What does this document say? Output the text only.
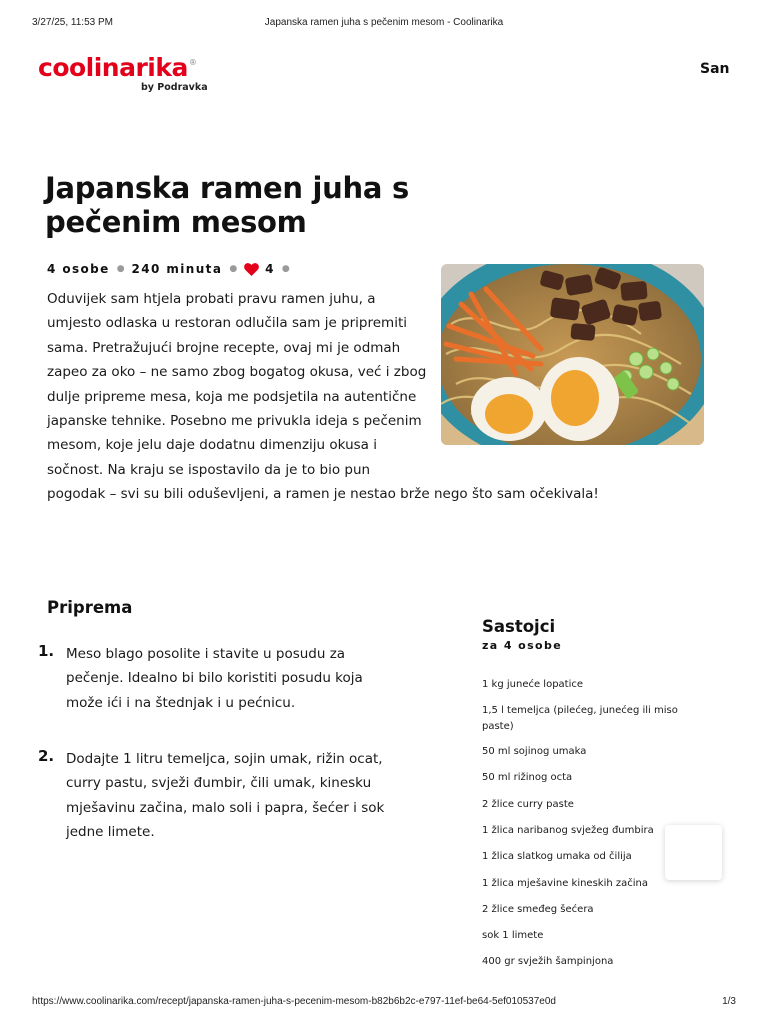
3/27/25, 11:53 PM	Japanska ramen juha s pečenim mesom - Coolinarika
coolinarika®
by Podravka
San
Japanska ramen juha s pečenim mesom
4 osobe ● 240 minuta ● 4 ●

Oduvijek sam htjela probati pravu ramen juhu, a umjesto odlaska u restoran odlučila sam je pripremiti sama. Pretražujući brojne recepte, ovaj mi je odmah zapeo za oko – ne samo zbog bogatog okusa, već i zbog dulje pripreme mesa, koja me podsjetila na autentične japanske tehnike. Posebno me privukla ideja s pečenim mesom, koje jelu daje dodatnu dimenziju okusa i sočnost. Na kraju se ispostavilo da je to bio pun pogodak – svi su bili oduševljeni, a ramen je nestao brže nego što sam očekivala!

Priprema
1. Meso blago posolite i stavite u posudu za pečenje. Idealno bi bilo koristiti posudu koja može ići i na štednjak i u pećnicu.

2. Dodajte 1 litru temeljca, sojin umak, rižin ocat, curry pastu, svježi đumbir, čili umak, kinesku mješavinu začina, malo soli i papra, šećer i sok jedne limete.

Sastojci
za 4 osobe
1 kg juneće lopatice
1,5 l temeljca (pilećeg, junećeg ili miso paste)
50 ml sojinog umaka
50 ml rižinog octa
2 žlice curry paste
1 žlica naribanog svježeg đumbira
1 žlica slatkog umaka od čilija
1 žlica mješavine kineskih začina
2 žlice smeđeg šećera
sok 1 limete
400 gr svježih šampinjona
https://www.coolinarika.com/recept/japanska-ramen-juha-s-pecenim-mesom-b82b6b2c-e797-11ef-be64-5ef010537e0d	1/3
